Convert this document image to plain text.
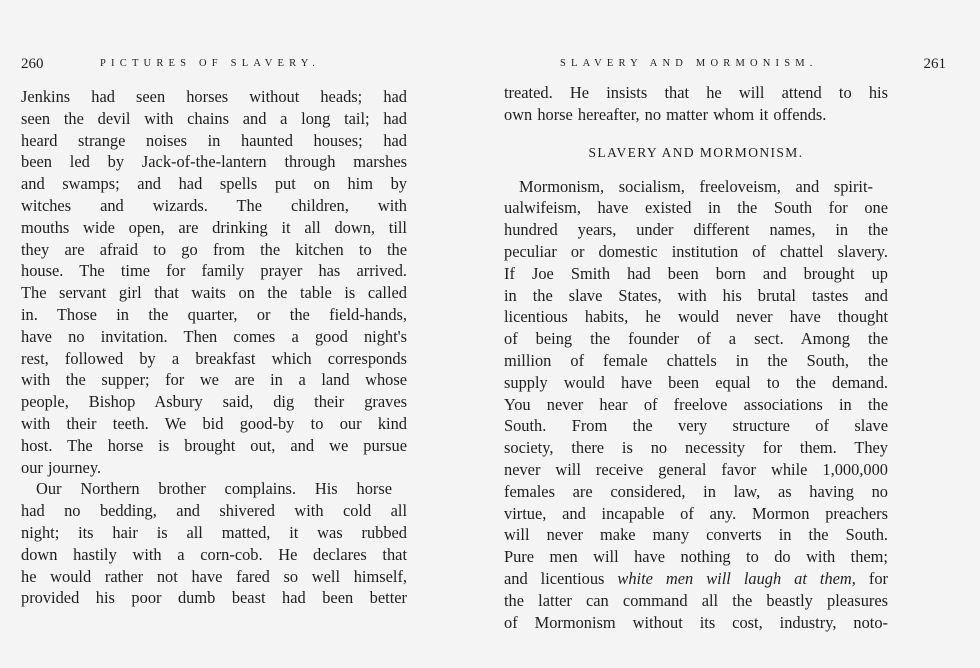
260	PICTURES OF SLAVERY.
Jenkins had seen horses without heads; had
seen the devil with chains and a long tail; had
heard strange noises in haunted houses; had
been led by Jack-of-the-lantern through marshes
and swamps; and had spells put on him by
witches and wizards. The children, with
mouths wide open, are drinking it all down, till
they are afraid to go from the kitchen to the
house. The time for family prayer has arrived.
The servant girl that waits on the table is called
in. Those in the quarter, or the field-hands,
have no invitation. Then comes a good night's
rest, followed by a breakfast which corresponds
with the supper; for we are in a land whose
people, Bishop Asbury said, dig their graves
with their teeth. We bid good-by to our kind
host. The horse is brought out, and we pursue
our journey.
Our Northern brother complains. His horse
had no bedding, and shivered with cold all
night; its hair is all matted, it was rubbed
down hastily with a corn-cob. He declares that
he would rather not have fared so well himself,
provided his poor dumb beast had been better
SLAVERY AND MORMONISM.	261
treated. He insists that he will attend to his
own horse hereafter, no matter whom it offends.
SLAVERY AND MORMONISM.
Mormonism, socialism, freeloveism, and spirit-
ualwifeism, have existed in the South for one
hundred years, under different names, in the
peculiar or domestic institution of chattel slavery.
If Joe Smith had been born and brought up
in the slave States, with his brutal tastes and
licentious habits, he would never have thought
of being the founder of a sect. Among the
million of female chattels in the South, the
supply would have been equal to the demand.
You never hear of freelove associations in the
South. From the very structure of slave
society, there is no necessity for them. They
never will receive general favor while 1,000,000
females are considered, in law, as having no
virtue, and incapable of any. Mormon preachers
will never make many converts in the South.
Pure men will have nothing to do with them;
and licentious white men will laugh at them, for
the latter can command all the beastly pleasures
of Mormonism without its cost, industry, noto-
